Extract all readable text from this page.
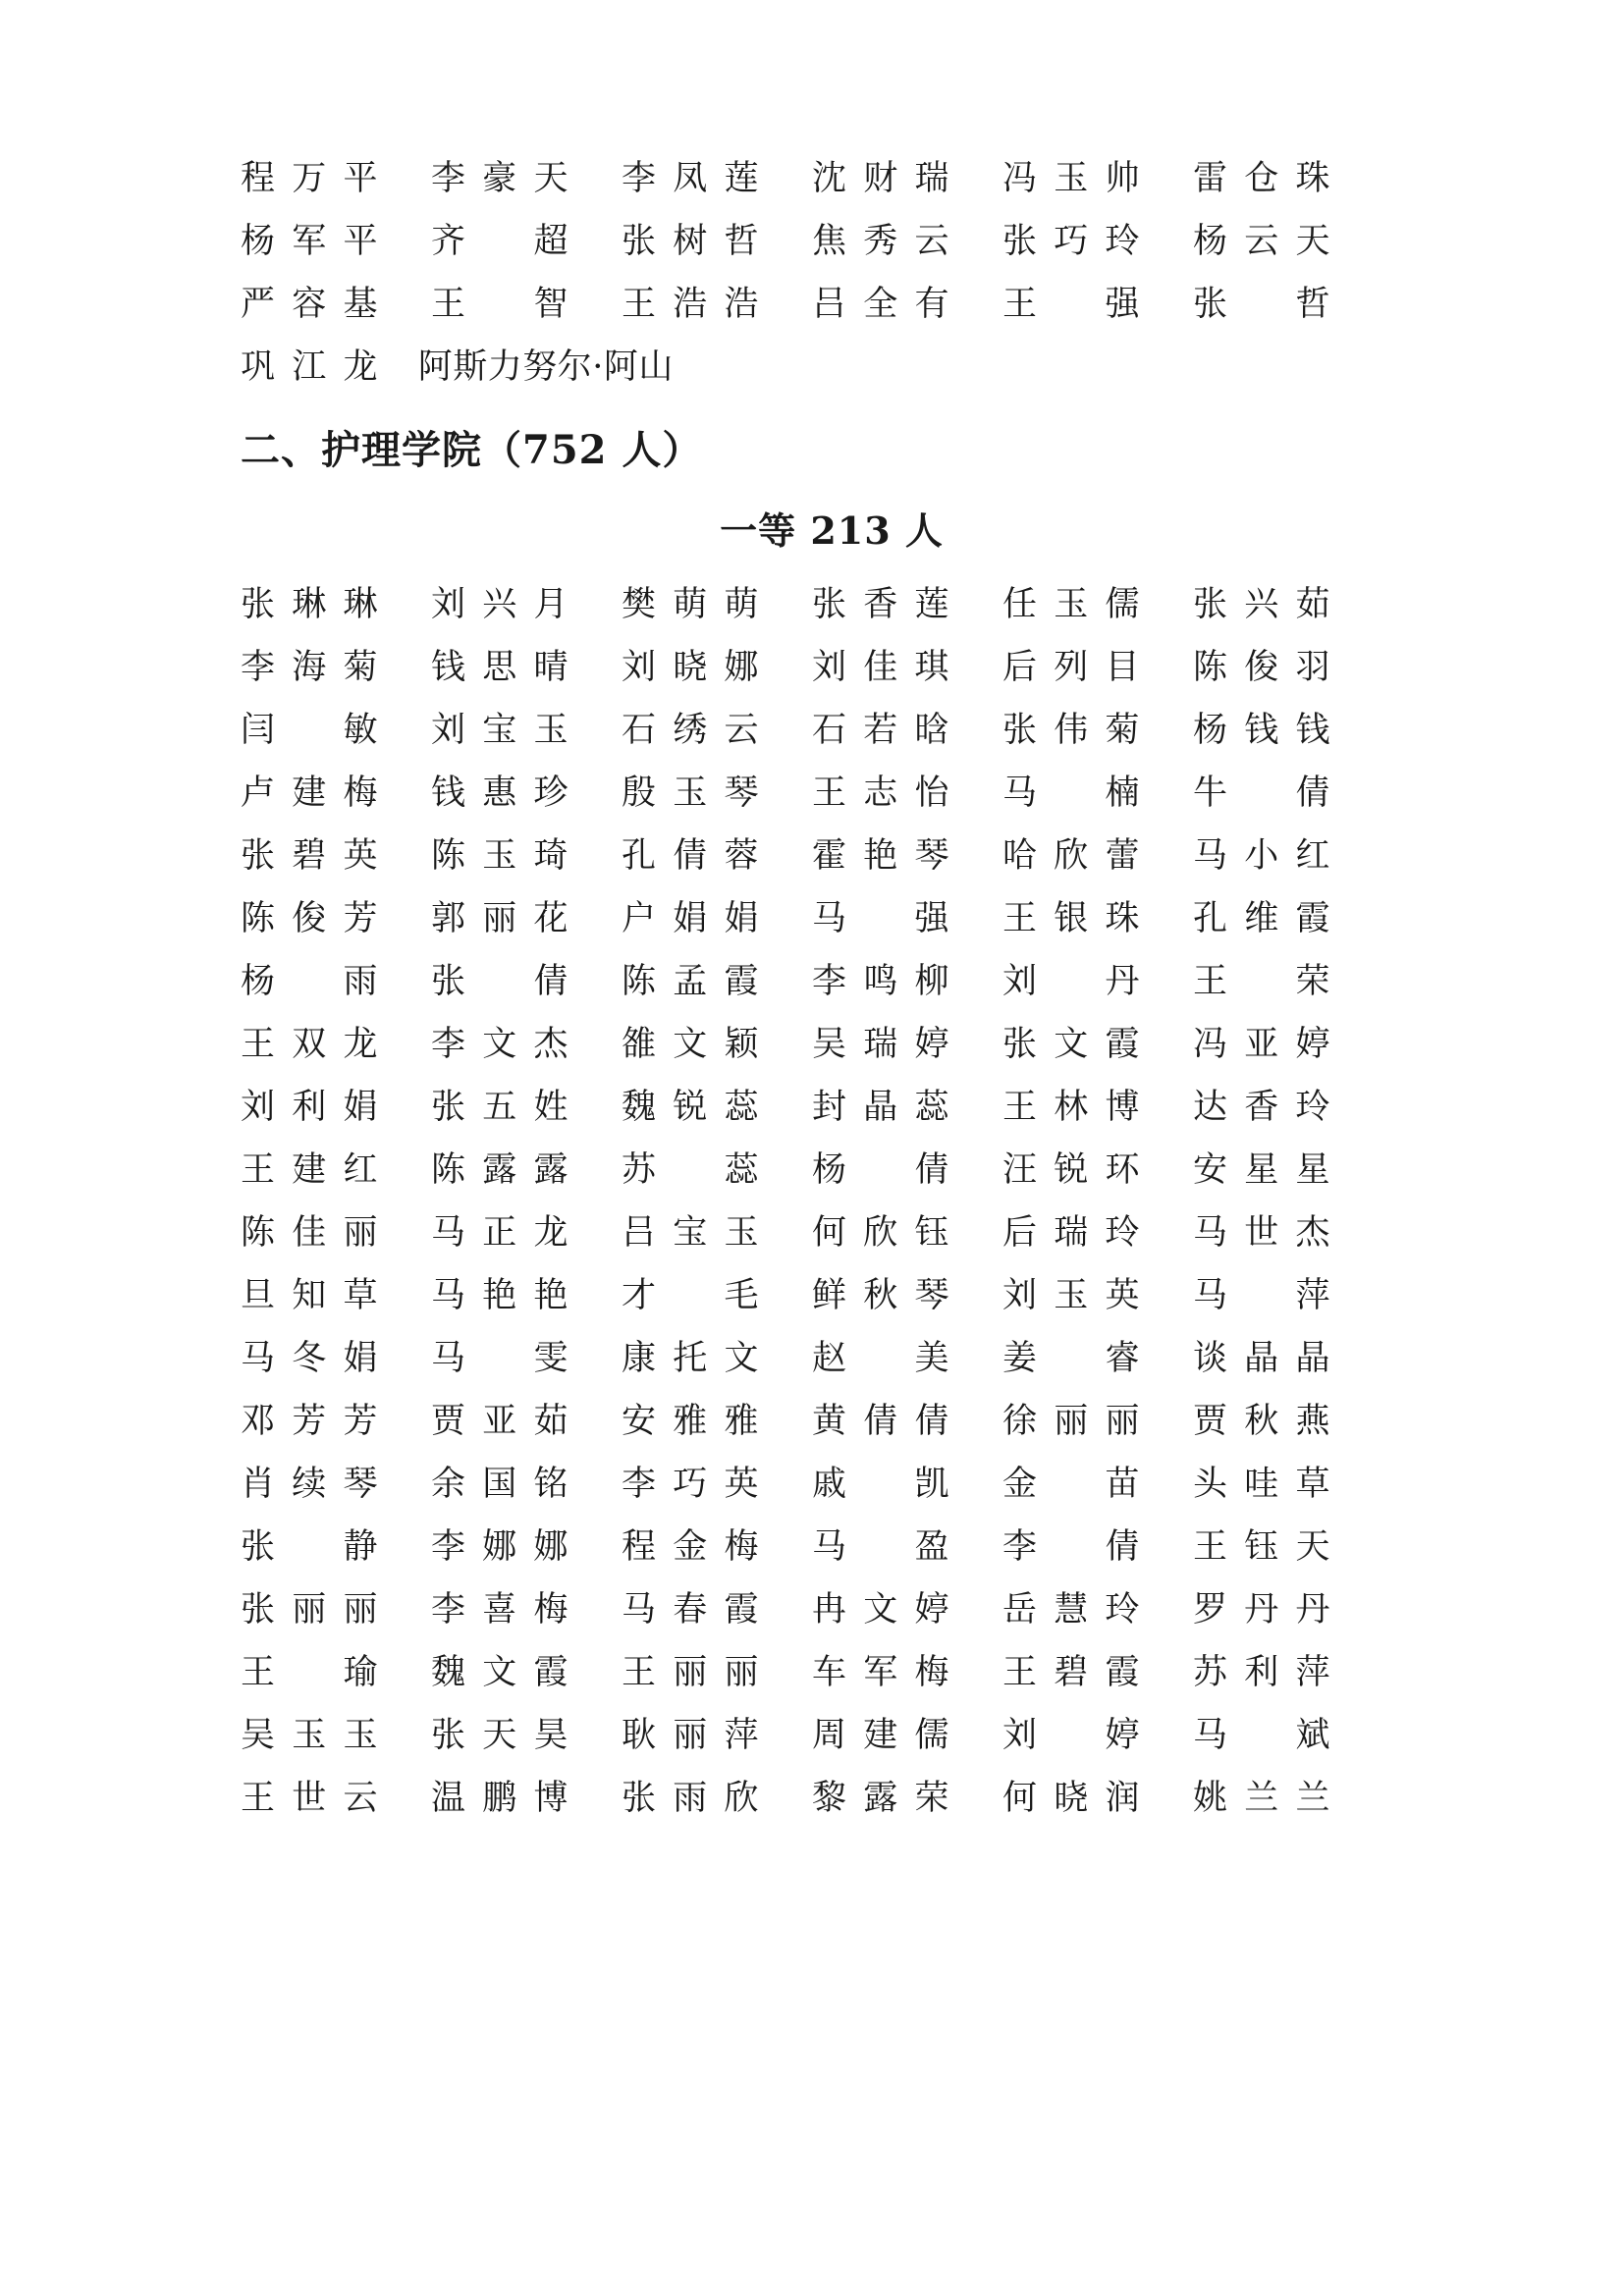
程万平	李豪天	李凤莲	沈财瑞	冯玉帅	雷仓珠
杨军平	齐 超	张树哲	焦秀云	张巧玲	杨云天
严容基	王 智	王浩浩	吕全有	王 强	张 哲
巩江龙	阿斯力努尔·阿山
二、护理学院（752 人）
一等 213 人
张琳琳	刘兴月	樊萌萌	张香莲	任玉儒	张兴茹
李海菊	钱思晴	刘晓娜	刘佳琪	后列目	陈俊羽
闫 敏	刘宝玉	石绣云	石若晗	张伟菊	杨钱钱
卢建梅	钱惠珍	殷玉琴	王志怡	马 楠	牛 倩
张碧英	陈玉琦	孔倩蓉	霍艳琴	哈欣蕾	马小红
陈俊芳	郭丽花	户娟娟	马 强	王银珠	孔维霞
杨 雨	张 倩	陈孟霞	李鸣柳	刘 丹	王 荣
王双龙	李文杰	雒文颖	吴瑞婷	张文霞	冯亚婷
刘利娟	张五姓	魏锐蕊	封晶蕊	王林博	达香玲
王建红	陈露露	苏 蕊	杨 倩	汪锐环	安星星
陈佳丽	马正龙	吕宝玉	何欣钰	后瑞玲	马世杰
旦知草	马艳艳	才 毛	鲜秋琴	刘玉英	马 萍
马冬娟	马 雯	康托文	赵 美	姜 睿	谈晶晶
邓芳芳	贾亚茹	安雅雅	黄倩倩	徐丽丽	贾秋燕
肖续琴	余国铭	李巧英	戚 凯	金 苗	头哇草
张 静	李娜娜	程金梅	马 盈	李 倩	王钰天
张丽丽	李喜梅	马春霞	冉文婷	岳慧玲	罗丹丹
王 瑜	魏文霞	王丽丽	车军梅	王碧霞	苏利萍
吴玉玉	张天昊	耿丽萍	周建儒	刘 婷	马 斌
王世云	温鹏博	张雨欣	黎露荣	何晓润	姚兰兰
